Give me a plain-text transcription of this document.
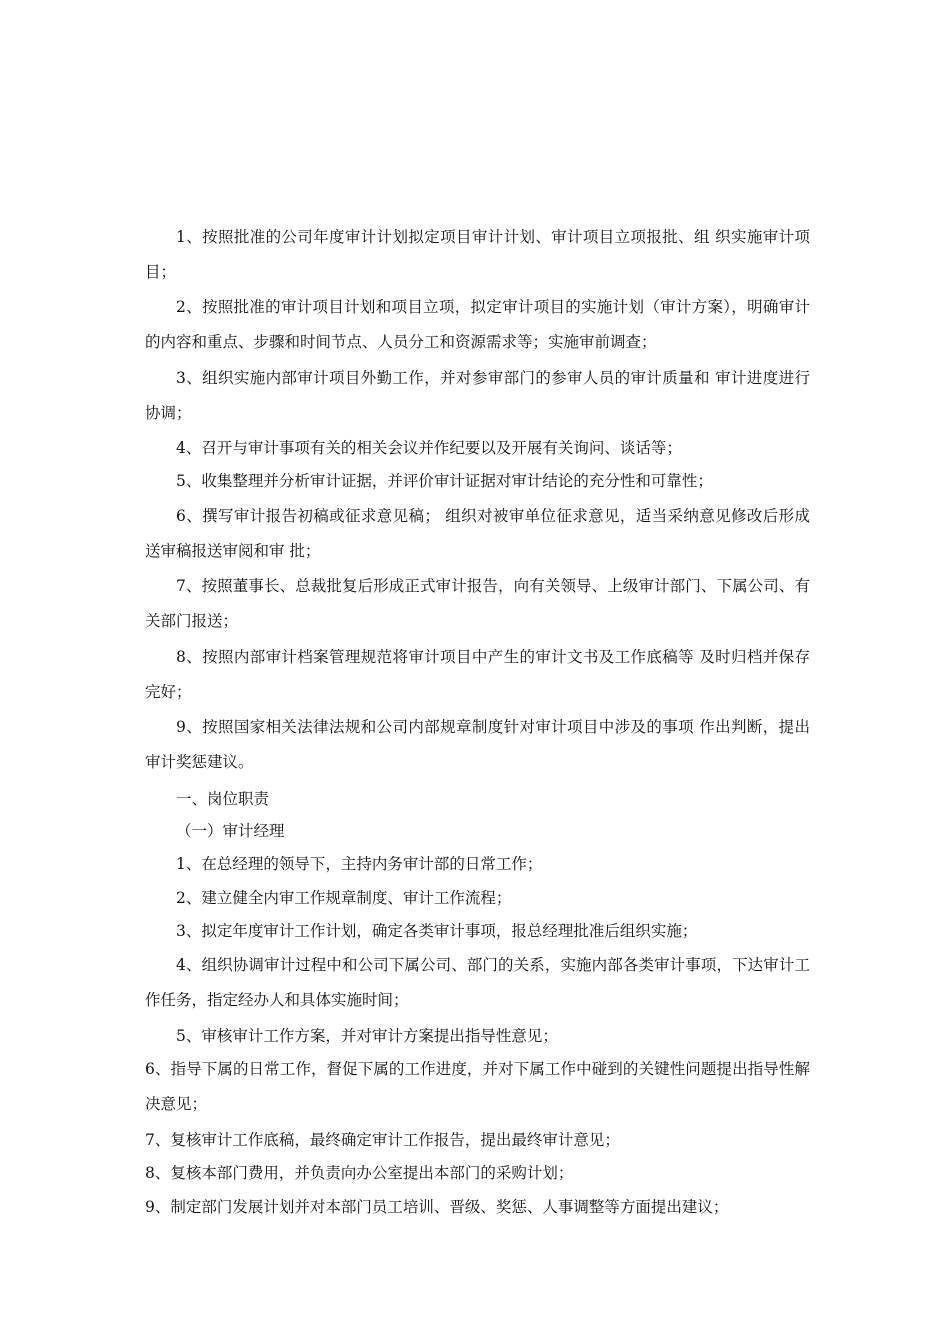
1、按照批准的公司年度审计计划拟定项目审计计划、审计项目立项报批、组 织实施审计项目；
2、按照批准的审计项目计划和项目立项，拟定审计项目的实施计划（审计方案），明确审计的内容和重点、步骤和时间节点、人员分工和资源需求等；实施审前调查；
3、组织实施内部审计项目外勤工作，并对参审部门的参审人员的审计质量和 审计进度进行协调；
4、召开与审计事项有关的相关会议并作纪要以及开展有关询问、谈话等；
5、收集整理并分析审计证据，并评价审计证据对审计结论的充分性和可靠性；
6、撰写审计报告初稿或征求意见稿； 组织对被审单位征求意见，适当采纳意见修改后形成送审稿报送审阅和审 批；
7、按照董事长、总裁批复后形成正式审计报告，向有关领导、上级审计部门、下属公司、有关部门报送；
8、按照内部审计档案管理规范将审计项目中产生的审计文书及工作底稿等 及时归档并保存完好；
9、按照国家相关法律法规和公司内部规章制度针对审计项目中涉及的事项 作出判断，提出审计奖惩建议。
一、岗位职责
（一）审计经理
1、在总经理的领导下，主持内务审计部的日常工作；
2、建立健全内审工作规章制度、审计工作流程；
3、拟定年度审计工作计划，确定各类审计事项，报总经理批准后组织实施；
4、组织协调审计过程中和公司下属公司、部门的关系，实施内部各类审计事项，下达审计工作任务，指定经办人和具体实施时间；
5、审核审计工作方案，并对审计方案提出指导性意见；
6、指导下属的日常工作，督促下属的工作进度，并对下属工作中碰到的关键性问题提出指导性解决意见；
7、复核审计工作底稿，最终确定审计工作报告，提出最终审计意见；
8、复核本部门费用，并负责向办公室提出本部门的采购计划；
9、制定部门发展计划并对本部门员工培训、晋级、奖惩、人事调整等方面提出建议；
